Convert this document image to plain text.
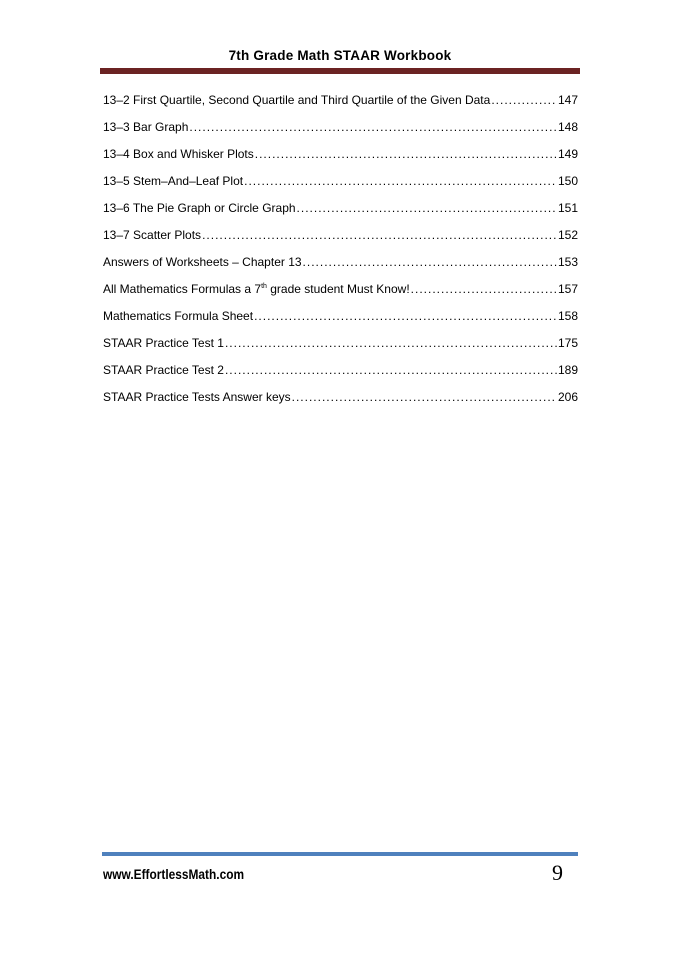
7th Grade Math STAAR Workbook
13–2 First Quartile, Second Quartile and Third Quartile of the Given Data .....	147
13–3 Bar Graph .....	148
13–4 Box and Whisker Plots .....	149
13–5 Stem–And–Leaf Plot .....	150
13–6 The Pie Graph or Circle Graph .....	151
13–7 Scatter Plots .....	152
Answers of Worksheets – Chapter 13 .....	153
All Mathematics Formulas a 7th grade student Must Know! .....	157
Mathematics Formula Sheet .....	158
STAAR Practice Test 1 .....	175
STAAR Practice Test 2 .....	189
STAAR Practice Tests Answer keys .....	206
www.EffortlessMath.com	9
